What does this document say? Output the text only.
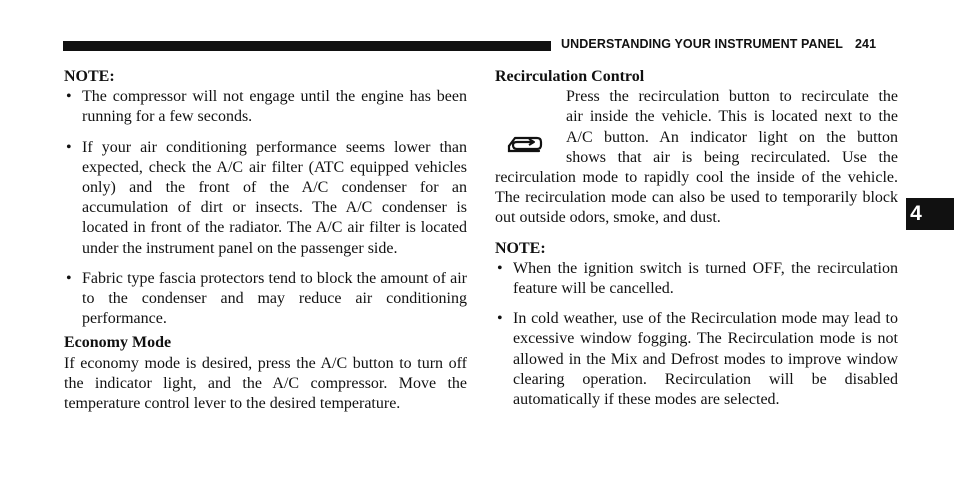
UNDERSTANDING YOUR INSTRUMENT PANEL 241
4
NOTE:
• The compressor will not engage until the engine has been running for a few seconds.
• If your air conditioning performance seems lower than expected, check the A/C air filter (ATC equipped vehicles only) and the front of the A/C condenser for an accumulation of dirt or insects. The A/C condenser is located in front of the radiator. The A/C air filter is located under the instrument panel on the passenger side.
• Fabric type fascia protectors tend to block the amount of air to the condenser and may reduce air conditioning performance.
Economy Mode

If economy mode is desired, press the A/C button to turn off the indicator light, and the A/C compressor. Move the temperature control lever to the desired temperature.

Recirculation Control

Press the recirculation button to recirculate the

air inside the vehicle. This is located next to the

A/C button. An indicator light on the button

shows that air is being recirculated. Use the

recirculation mode to rapidly cool the inside of the vehicle. The recirculation mode can also be used to temporarily block out outside odors, smoke, and dust.

NOTE:
• When the ignition switch is turned OFF, the recirculation feature will be cancelled.
• In cold weather, use of the Recirculation mode may lead to excessive window fogging. The Recirculation mode is not allowed in the Mix and Defrost modes to improve window clearing operation. Recirculation will be disabled automatically if these modes are selected.
